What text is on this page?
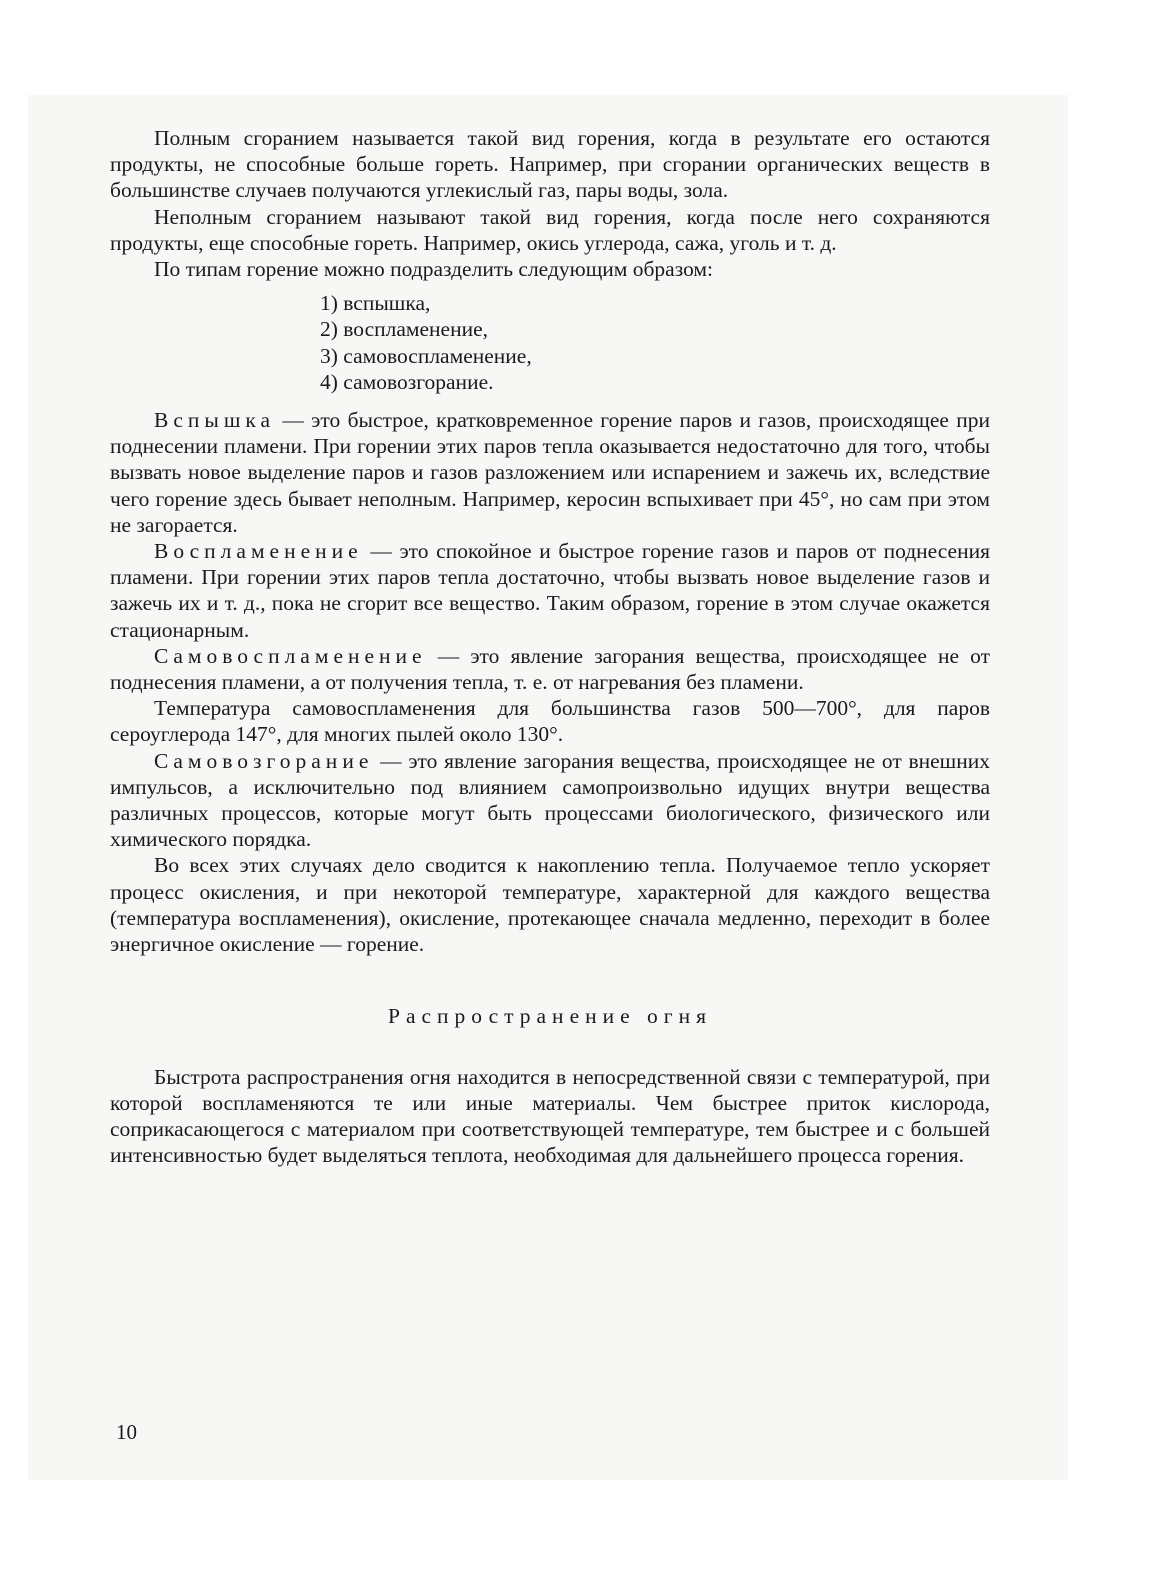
Полным сгоранием называется такой вид горения, когда в результате его остаются продукты, не способные больше гореть. Например, при сгорании органических веществ в большинстве случаев получаются углекислый газ, пары воды, зола.

Неполным сгоранием называют такой вид горения, когда после него сохраняются продукты, еще способные гореть. Например, окись углерода, сажа, уголь и т. д.

По типам горение можно подразделить следующим образом:

1) вспышка,
2) воспламенение,
3) самовоспламенение,
4) самовозгорание.

Вспышка — это быстрое, кратковременное горение паров и газов, происходящее при поднесении пламени. При горении этих паров тепла оказывается недостаточно для того, чтобы вызвать новое выделение паров и газов разложением или испарением и зажечь их, вследствие чего горение здесь бывает неполным. Например, керосин вспыхивает при 45°, но сам при этом не загорается.

Воспламенение — это спокойное и быстрое горение газов и паров от поднесения пламени. При горении этих паров тепла достаточно, чтобы вызвать новое выделение газов и зажечь их и т. д., пока не сгорит все вещество. Таким образом, горение в этом случае окажется стационарным.

Самовоспламенение — это явление загорания вещества, происходящее не от поднесения пламени, а от получения тепла, т. е. от нагревания без пламени.

Температура самовоспламенения для большинства газов 500—700°, для паров сероуглерода 147°, для многих пылей около 130°.

Самовозгорание — это явление загорания вещества, происходящее не от внешних импульсов, а исключительно под влиянием самопроизвольно идущих внутри вещества различных процессов, которые могут быть процессами биологического, физического или химического порядка.

Во всех этих случаях дело сводится к накоплению тепла. Получаемое тепло ускоряет процесс окисления, и при некоторой температуре, характерной для каждого вещества (температура воспламенения), окисление, протекающее сначала медленно, переходит в более энергичное окисление — горение.

Распространение огня

Быстрота распространения огня находится в непосредственной связи с температурой, при которой воспламеняются те или иные материалы. Чем быстрее приток кислорода, соприкасающегося с материалом при соответствующей температуре, тем быстрее и с большей интенсивностью будет выделяться теплота, необходимая для дальнейшего процесса горения.

10
